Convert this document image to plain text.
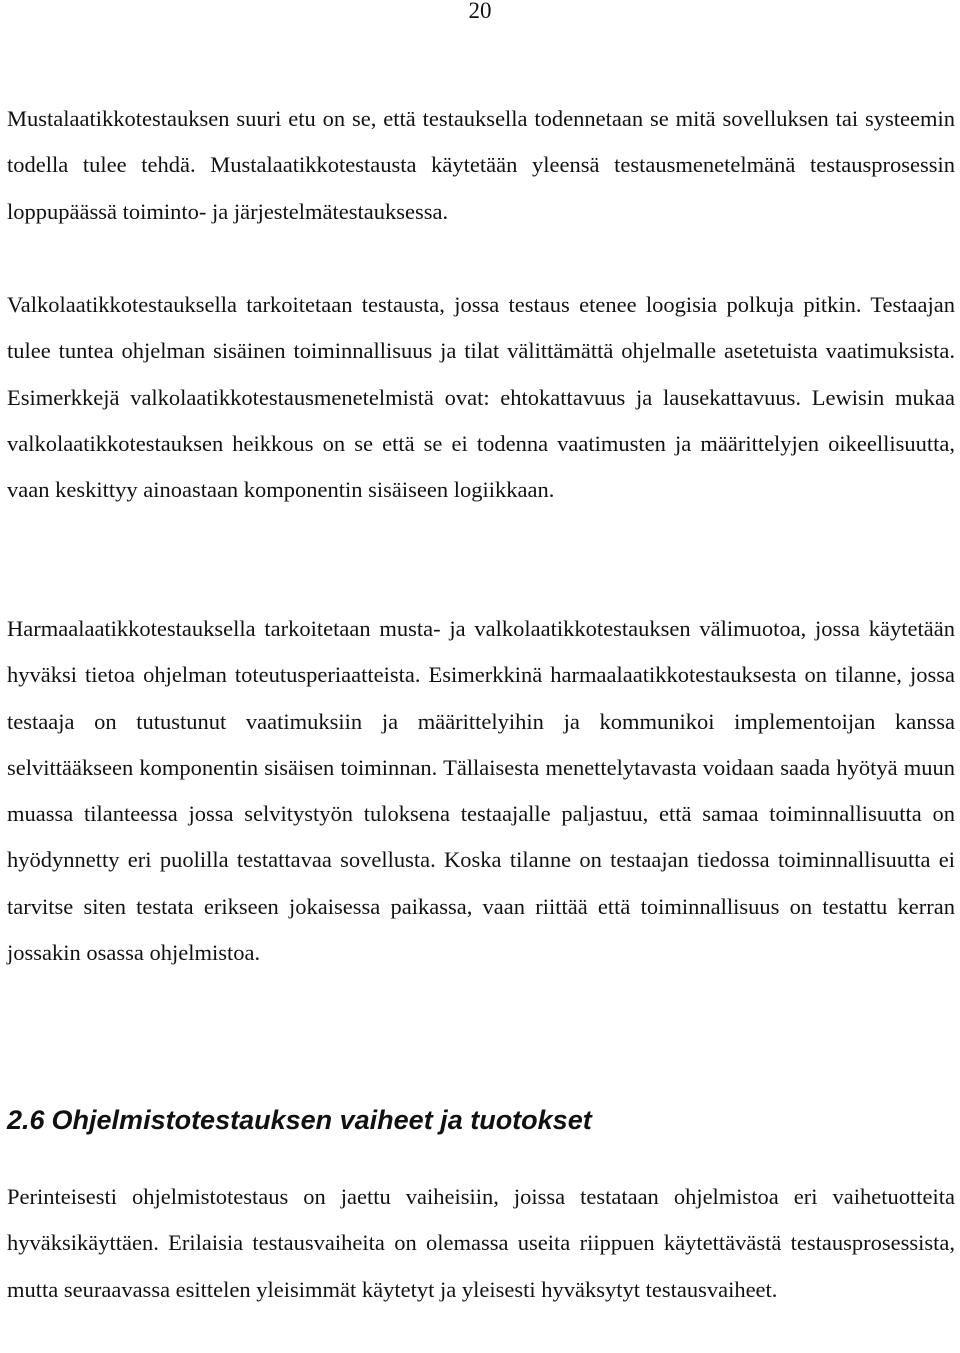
20

Mustalaatikkotestauksen suuri etu on se, että testauksella todennetaan se mitä sovelluksen tai systeemin todella tulee tehdä. Mustalaatikkotestausta käytetään yleensä testausmenetelmänä testausprosessin loppupäässä toiminto- ja järjestelmätestauksessa.

Valkolaatikkotestauksella tarkoitetaan testausta, jossa testaus etenee loogisia polkuja pitkin. Testaajan tulee tuntea ohjelman sisäinen toiminnallisuus ja tilat välittämättä ohjelmalle asetetuista vaatimuksista. Esimerkkejä valkolaatikkotestausmenetelmistä ovat: ehtokattavuus ja lausekattavuus. Lewisin mukaa valkolaatikkotestauksen heikkous on se että se ei todenna vaatimusten ja määrittelyjen oikeellisuutta, vaan keskittyy ainoastaan komponentin sisäiseen logiikkaan.

Harmaalaatikkotestauksella tarkoitetaan musta- ja valkolaatikkotestauksen välimuotoa, jossa käytetään hyväksi tietoa ohjelman toteutusperiaatteista. Esimerkkinä harmaalaatikkotestauksesta on tilanne, jossa testaaja on tutustunut vaatimuksiin ja määrittelyihin ja kommunikoi implementoijan kanssa selvittääkseen komponentin sisäisen toiminnan. Tällaisesta menettelytavasta voidaan saada hyötyä muun muassa tilanteessa jossa selvitystyön tuloksena testaajalle paljastuu, että samaa toiminnallisuutta on hyödynnetty eri puolilla testattavaa sovellusta. Koska tilanne on testaajan tiedossa toiminnallisuutta ei tarvitse siten testata erikseen jokaisessa paikassa, vaan riittää että toiminnallisuus on testattu kerran jossakin osassa ohjelmistoa.

2.6 Ohjelmistotestauksen vaiheet ja tuotokset

Perinteisesti ohjelmistotestaus on jaettu vaiheisiin, joissa testataan ohjelmistoa eri vaihetuotteita hyväksikäyttäen. Erilaisia testausvaiheita on olemassa useita riippuen käytettävästä testausprosessista, mutta seuraavassa esittelen yleisimmät käytetyt ja yleisesti hyväksytyt testausvaiheet.
